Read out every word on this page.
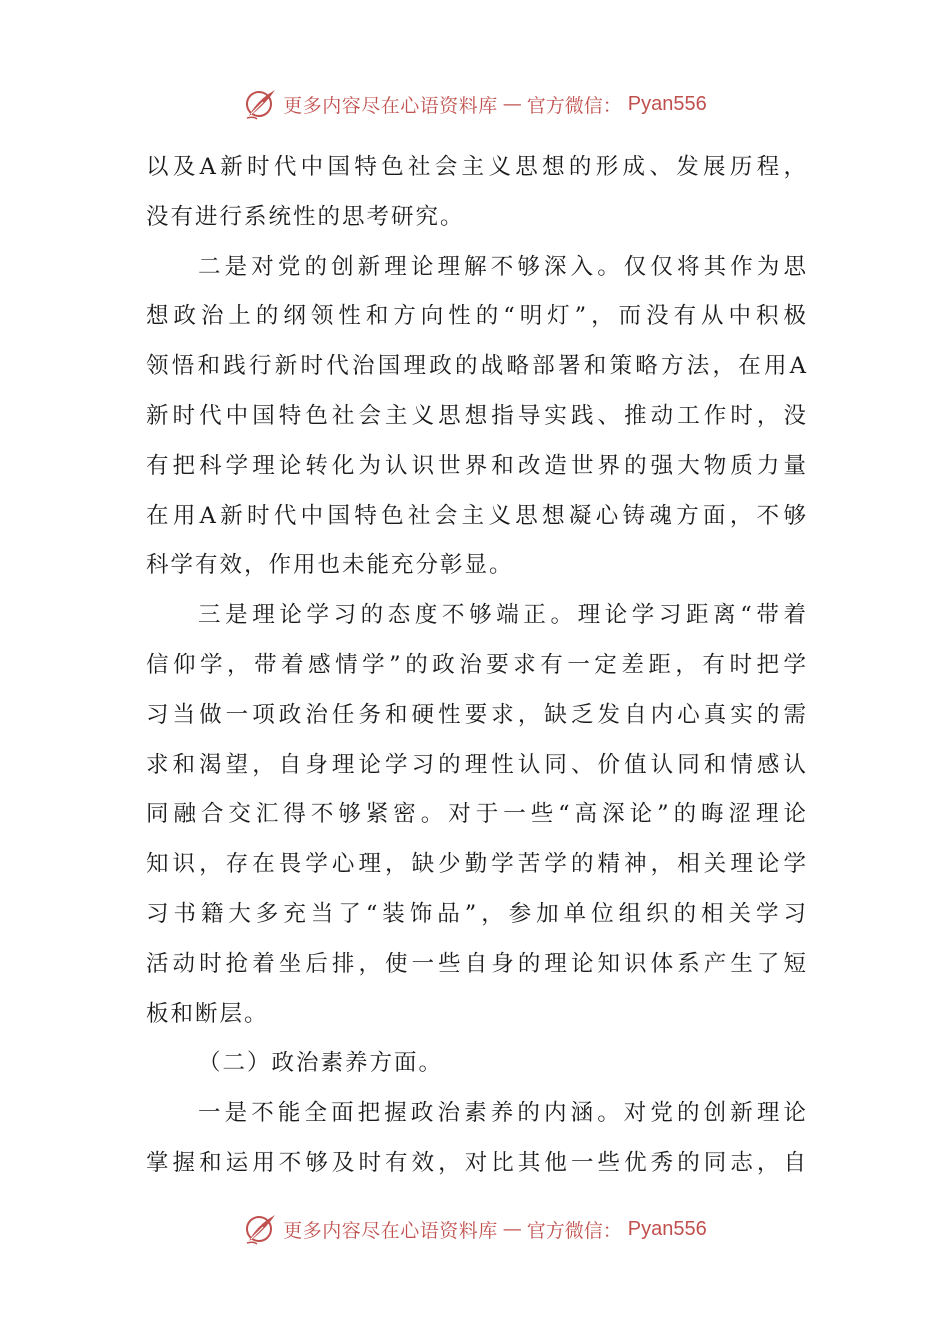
更多内容尽在心语资料库 — 官方微信： Pyan556
以及A新时代中国特色社会主义思想的形成、发展历程，
没有进行系统性的思考研究。
二是对党的创新理论理解不够深入。仅仅将其作为思
想政治上的纲领性和方向性的“明灯”，而没有从中积极
领悟和践行新时代治国理政的战略部署和策略方法，在用A
新时代中国特色社会主义思想指导实践、推动工作时，没
有把科学理论转化为认识世界和改造世界的强大物质力量
在用A新时代中国特色社会主义思想凝心铸魂方面，不够
科学有效，作用也未能充分彰显。
三是理论学习的态度不够端正。理论学习距离“带着
信仰学，带着感情学”的政治要求有一定差距，有时把学
习当做一项政治任务和硬性要求，缺乏发自内心真实的需
求和渴望，自身理论学习的理性认同、价值认同和情感认
同融合交汇得不够紧密。对于一些“高深论”的晦涩理论
知识，存在畏学心理，缺少勤学苦学的精神，相关理论学
习书籍大多充当了“装饰品”，参加单位组织的相关学习
活动时抢着坐后排，使一些自身的理论知识体系产生了短
板和断层。
（二）政治素养方面。
一是不能全面把握政治素养的内涵。对党的创新理论
掌握和运用不够及时有效，对比其他一些优秀的同志，自
更多内容尽在心语资料库 — 官方微信： Pyan556
